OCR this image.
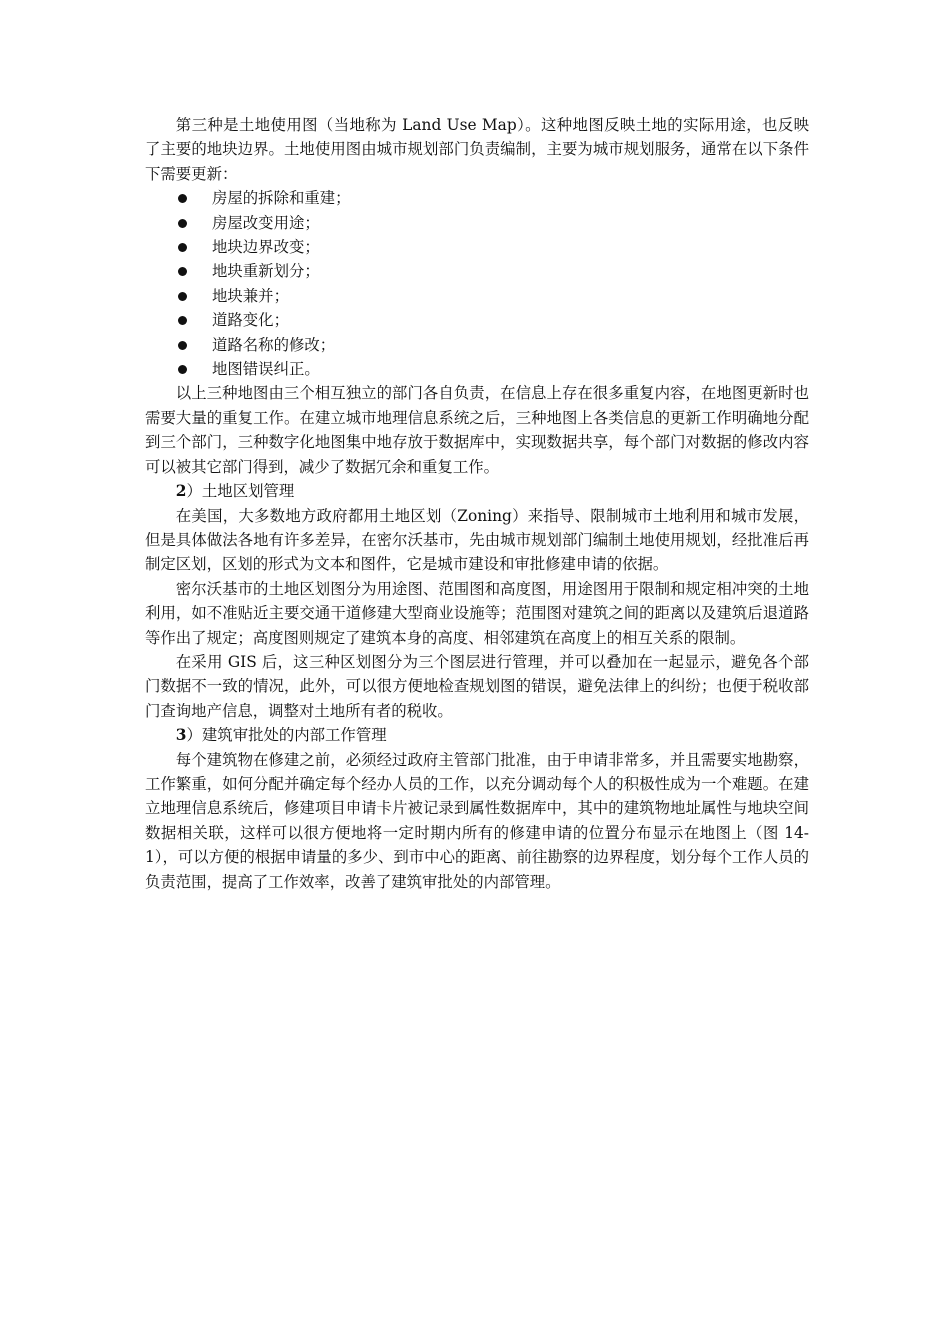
第三种是土地使用图（当地称为 Land Use Map）。这种地图反映土地的实际用途，也反映了主要的地块边界。土地使用图由城市规划部门负责编制，主要为城市规划服务，通常在以下条件下需要更新：

房屋的拆除和重建；
房屋改变用途；
地块边界改变；
地块重新划分；
地块兼并；
道路变化；
道路名称的修改；
地图错误纠正。

以上三种地图由三个相互独立的部门各自负责，在信息上存在很多重复内容，在地图更新时也需要大量的重复工作。在建立城市地理信息系统之后，三种地图上各类信息的更新工作明确地分配到三个部门，三种数字化地图集中地存放于数据库中，实现数据共享，每个部门对数据的修改内容可以被其它部门得到，减少了数据冗余和重复工作。

2）土地区划管理

在美国，大多数地方政府都用土地区划（Zoning）来指导、限制城市土地利用和城市发展，但是具体做法各地有许多差异，在密尔沃基市，先由城市规划部门编制土地使用规划，经批准后再制定区划，区划的形式为文本和图件，它是城市建设和审批修建申请的依据。

密尔沃基市的土地区划图分为用途图、范围图和高度图，用途图用于限制和规定相冲突的土地利用，如不准贴近主要交通干道修建大型商业设施等；范围图对建筑之间的距离以及建筑后退道路等作出了规定；高度图则规定了建筑本身的高度、相邻建筑在高度上的相互关系的限制。

在采用 GIS 后，这三种区划图分为三个图层进行管理，并可以叠加在一起显示，避免各个部门数据不一致的情况，此外，可以很方便地检查规划图的错误，避免法律上的纠纷；也便于税收部门查询地产信息，调整对土地所有者的税收。

3）建筑审批处的内部工作管理

每个建筑物在修建之前，必须经过政府主管部门批准，由于申请非常多，并且需要实地勘察，工作繁重，如何分配并确定每个经办人员的工作，以充分调动每个人的积极性成为一个难题。在建立地理信息系统后，修建项目申请卡片被记录到属性数据库中，其中的建筑物地址属性与地块空间数据相关联，这样可以很方便地将一定时期内所有的修建申请的位置分布显示在地图上（图 14-1），可以方便的根据申请量的多少、到市中心的距离、前往勘察的边界程度，划分每个工作人员的负责范围，提高了工作效率，改善了建筑审批处的内部管理。
